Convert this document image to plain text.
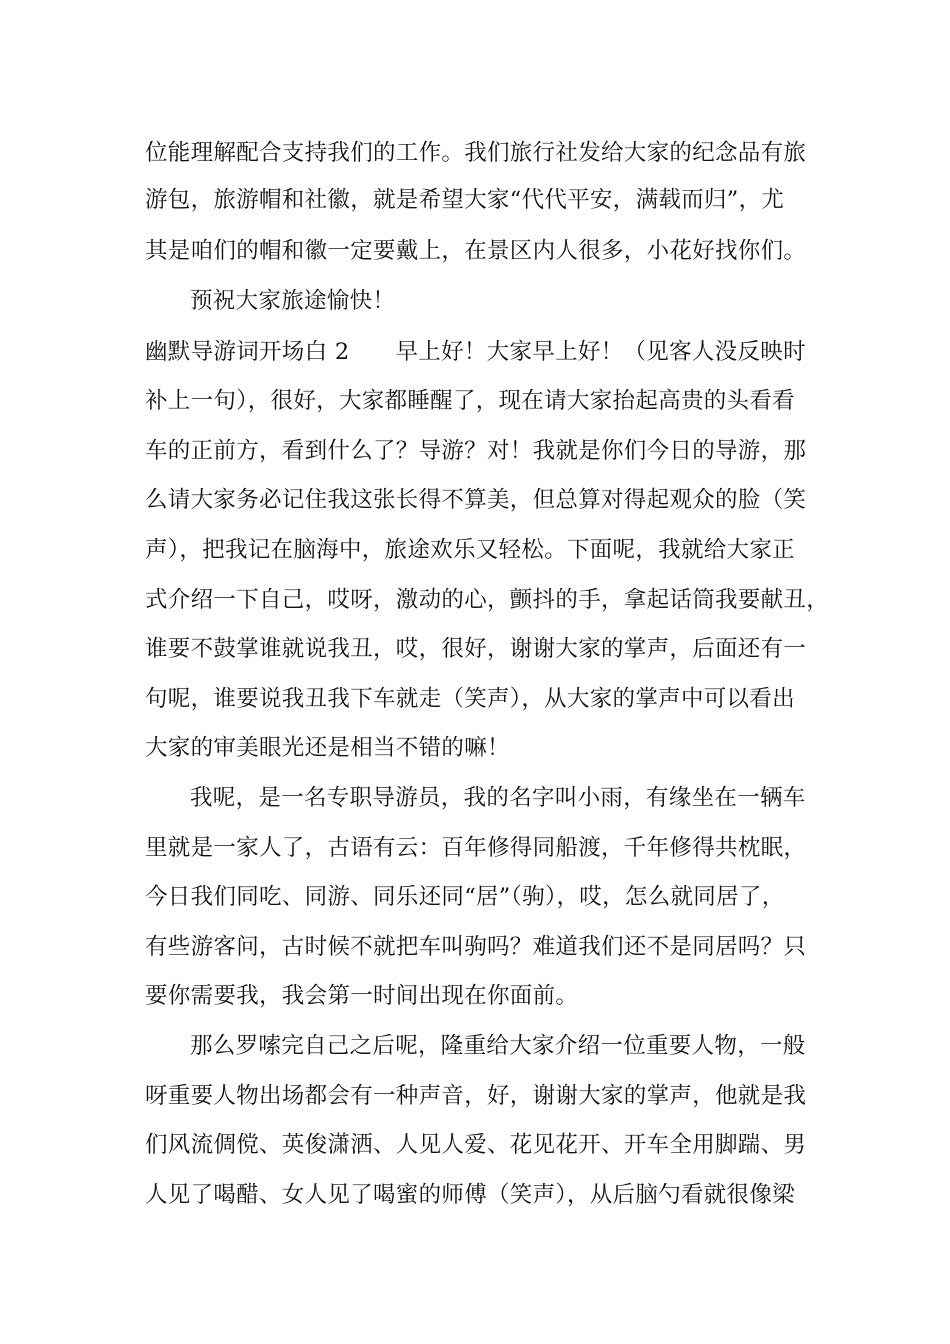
位能理解配合支持我们的工作。我们旅行社发给大家的纪念品有旅
游包，旅游帽和社徽，就是希望大家“代代平安，满载而归”，尤
其是咱们的帽和徽一定要戴上，在景区内人很多，小花好找你们。
预祝大家旅途愉快！
幽默导游词开场白 2 早上好！大家早上好！（见客人没反映时
补上一句），很好，大家都睡醒了，现在请大家抬起高贵的头看看
车的正前方，看到什么了？导游？对！我就是你们今日的导游，那
么请大家务必记住我这张长得不算美，但总算对得起观众的脸（笑
声），把我记在脑海中，旅途欢乐又轻松。下面呢，我就给大家正
式介绍一下自己，哎呀，激动的心，颤抖的手，拿起话筒我要献丑，
谁要不鼓掌谁就说我丑，哎，很好，谢谢大家的掌声，后面还有一
句呢，谁要说我丑我下车就走（笑声），从大家的掌声中可以看出
大家的审美眼光还是相当不错的嘛！
我呢，是一名专职导游员，我的名字叫小雨，有缘坐在一辆车
里就是一家人了，古语有云：百年修得同船渡，千年修得共枕眠，
今日我们同吃、同游、同乐还同“居”（驹），哎，怎么就同居了，
有些游客问，古时候不就把车叫驹吗？难道我们还不是同居吗？只
要你需要我，我会第一时间出现在你面前。
那么罗嗦完自己之后呢，隆重给大家介绍一位重要人物，一般
呀重要人物出场都会有一种声音，好，谢谢大家的掌声，他就是我
们风流倜傥、英俊潇洒、人见人爱、花见花开、开车全用脚踹、男
人见了喝醋、女人见了喝蜜的师傅（笑声），从后脑勺看就很像梁
